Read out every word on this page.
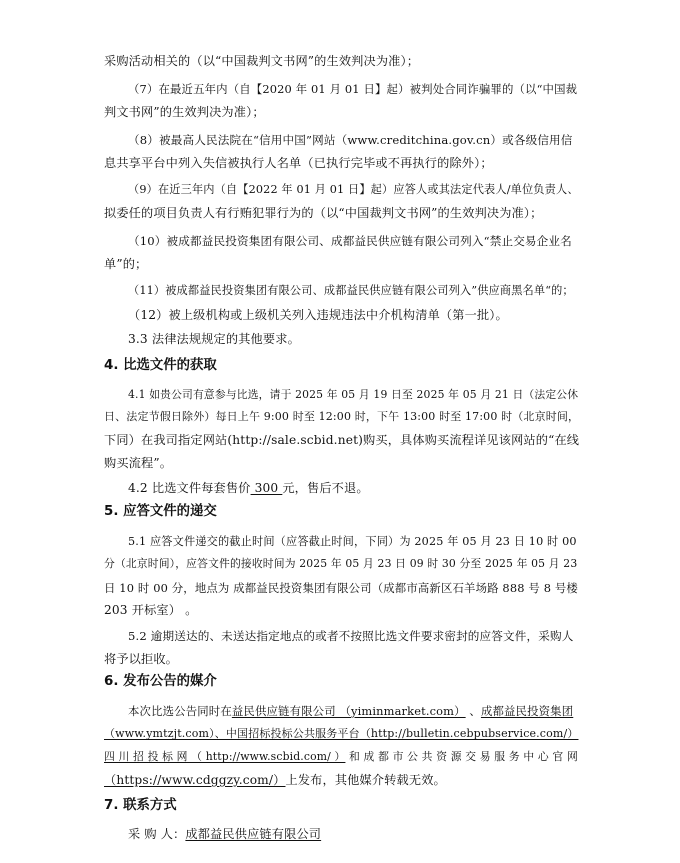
采购活动相关的（以“中国裁判文书网”的生效判决为准）；
（7）在最近五年内（自【2020 年 01 月 01 日】起）被判处合同诈骗罪的（以“中国裁
判文书网”的生效判决为准）；
（8）被最高人民法院在“信用中国”网站（www.creditchina.gov.cn）或各级信用信
息共享平台中列入失信被执行人名单（已执行完毕或不再执行的除外）；
（9）在近三年内（自【2022 年 01 月 01 日】起）应答人或其法定代表人/单位负责人、
拟委任的项目负责人有行贿犯罪行为的（以“中国裁判文书网”的生效判决为准）；
（10）被成都益民投资集团有限公司、成都益民供应链有限公司列入“禁止交易企业名
单”的；
（11）被成都益民投资集团有限公司、成都益民供应链有限公司列入”供应商黑名单“的；
（12）被上级机构或上级机关列入违规违法中介机构清单（第一批）。
3.3 法律法规规定的其他要求。
4. 比选文件的获取
4.1 如贵公司有意参与比选，请于 2025 年 05 月 19 日至 2025 年 05 月 21 日（法定公休
日、法定节假日除外）每日上午 9:00 时至 12:00 时，下午 13:00 时至 17:00 时（北京时间，
下同）在我司指定网站(http://sale.scbid.net)购买，具体购买流程详见该网站的“在线
购买流程”。
4.2 比选文件每套售价 300 元，售后不退。
5. 应答文件的递交
5.1 应答文件递交的截止时间（应答截止时间，下同）为 2025 年 05 月 23 日 10 时 00
分（北京时间），应答文件的接收时间为 2025 年 05 月 23 日 09 时 30 分至 2025 年 05 月 23
日 10 时 00 分，地点为 成都益民投资集团有限公司（成都市高新区石羊场路 888 号 8 号楼
203 开标室） 。
5.2 逾期送达的、未送达指定地点的或者不按照比选文件要求密封的应答文件，采购人
将予以拒收。
6. 发布公告的媒介
本次比选公告同时在益民供应链有限公司 （yiminmarket.com） 、成都益民投资集团
（www.ymtzjt.com）、中国招标投标公共服务平台（http://bulletin.cebpubservice.com/）
四 川 招 投 标 网 （ http://www.scbid.com/ ） 和 成 都 市 公 共 资 源 交 易 服 务 中 心 官 网
（https://www.cdggzy.com/）上发布，其他媒介转载无效。
7. 联系方式
采 购 人：成都益民供应链有限公司
